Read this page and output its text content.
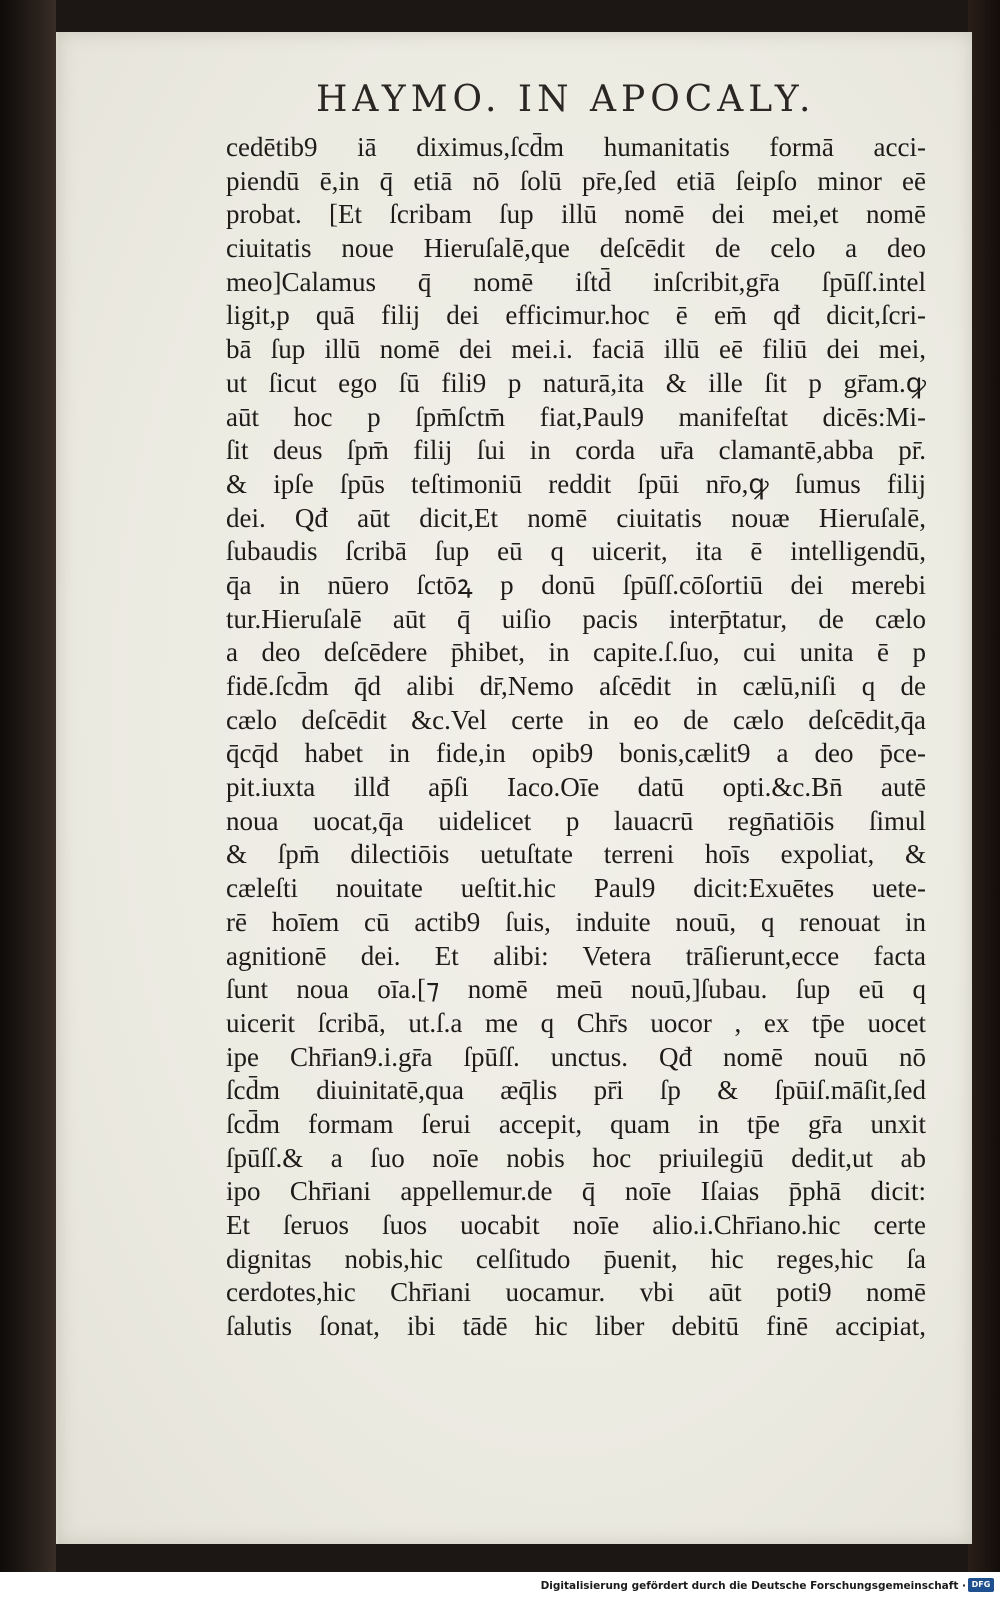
HAYMO. IN APOCALY.
cedētib9 iā diximus,ſcd̄m humanitatis formā acci-
piendū ē,in q̄ etiā nō ſolū pr̄e,ſed etiā ſeipſo minor eē
probat. [Et ſcribam ſup illū nomē dei mei,et nomē
ciuitatis noue Hieruſalē,que deſcēdit de celo a deo
meo]Calamus q̄ nomē iſtd̄ inſcribit,gr̄a ſpūſſ.intel
ligit,p quā filij dei efficimur.hoc ē em̄ qđ dicit,ſcri-
bā ſup illū nomē dei mei.i. faciā illū eē filiū dei mei,
ut ſicut ego ſū fili9 p naturā,ita & ille ſit p gr̄am.ꝙ
aūt hoc p ſpm̄ſctm̄ fiat,Paul9 manifeſtat dicēs:Mi-
ſit deus ſpm̄ filij ſui in corda ur̄a clamantē,abba pr̄.
& ipſe ſpūs teſtimoniū reddit ſpūi nr̄o,ꝙ ſumus filij
dei. Qđ aūt dicit,Et nomē ciuitatis nouæ Hieruſalē,
ſubaudis ſcribā ſup eū q uicerit, ita ē intelligendū,
q̄a in nūero ſctōꝝ p donū ſpūſſ.cōſortiū dei merebi
tur.Hieruſalē aūt q̄ uiſio pacis interp̄tatur, de cælo
a deo deſcēdere p̄hibet, in capite.ſ.ſuo, cui unita ē p
fidē.ſcd̄m q̄d alibi dr̄,Nemo aſcēdit in cælū,niſi q de
cælo deſcēdit &c.Vel certe in eo de cælo deſcēdit,q̄a
q̄cq̄d habet in fide,in opib9 bonis,cælit9 a deo p̄ce-
pit.iuxta illđ ap̄ſi Iaco.Oīe datū opti.&c.Bn̄ autē
noua uocat,q̄a uidelicet p lauacrū regn̄atiōis ſimul
& ſpm̄ dilectiōis uetuſtate terreni hoīs expoliat, &
cæleſti nouitate ueſtit.hic Paul9 dicit:Exuētes uete-
rē hoīem cū actib9 ſuis, induite nouū, q renouat in
agnitionē dei. Et alibi: Vetera trāſierunt,ecce facta
ſunt noua oīa.[⁊ nomē meū nouū,]ſubau. ſup eū q
uicerit ſcribā, ut.ſ.a me q Chr̄s uocor , ex tp̄e uocet
ipe Chr̄ian9.i.gr̄a ſpūſſ. unctus. Qđ nomē nouū nō
ſcd̄m diuinitatē,qua æq̄lis pr̄i ſp & ſpūiſ.māſit,ſed
ſcd̄m formam ſerui accepit, quam in tp̄e gr̄a unxit
ſpūſſ.& a ſuo noīe nobis hoc priuilegiū dedit,ut ab
ipo Chr̄iani appellemur.de q̄ noīe Iſaias p̄phā dicit:
Et ſeruos ſuos uocabit noīe alio.i.Chr̄iano.hic certe
dignitas nobis,hic celſitudo p̄uenit, hic reges,hic ſa
cerdotes,hic Chr̄iani uocamur. vbi aūt poti9 nomē
ſalutis ſonat, ibi tādē hic liber debitū finē accipiat,
Digitalisierung gefördert durch die Deutsche Forschungsgemeinschaft · DFG
